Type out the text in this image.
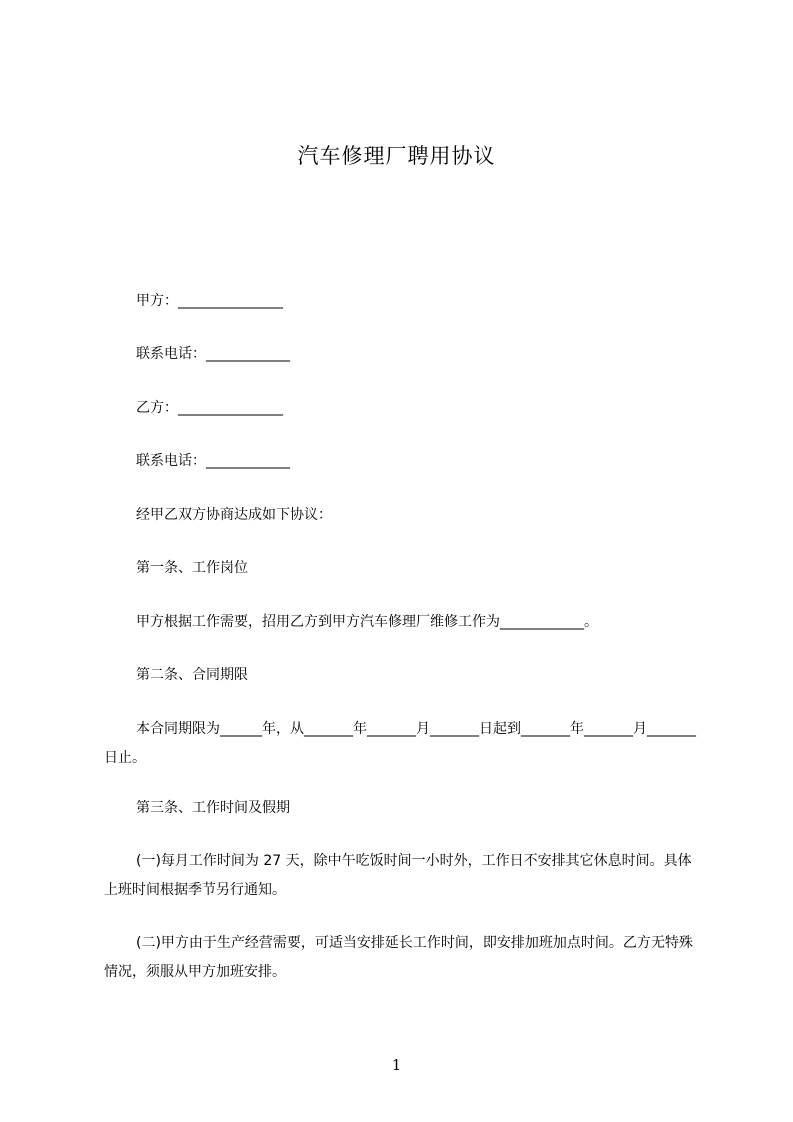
汽车修理厂聘用协议
甲方：_______________
联系电话：____________
乙方：_______________
联系电话：____________
经甲乙双方协商达成如下协议：
第一条、工作岗位
甲方根据工作需要，招用乙方到甲方汽车修理厂维修工作为____________。
第二条、合同期限
本合同期限为______年，从_______年_______月_______日起到_______年_______月_______日止。
第三条、工作时间及假期
(一)每月工作时间为 27 天，除中午吃饭时间一小时外，工作日不安排其它休息时间。具体上班时间根据季节另行通知。
(二)甲方由于生产经营需要，可适当安排延长工作时间，即安排加班加点时间。乙方无特殊情况，须服从甲方加班安排。
1
